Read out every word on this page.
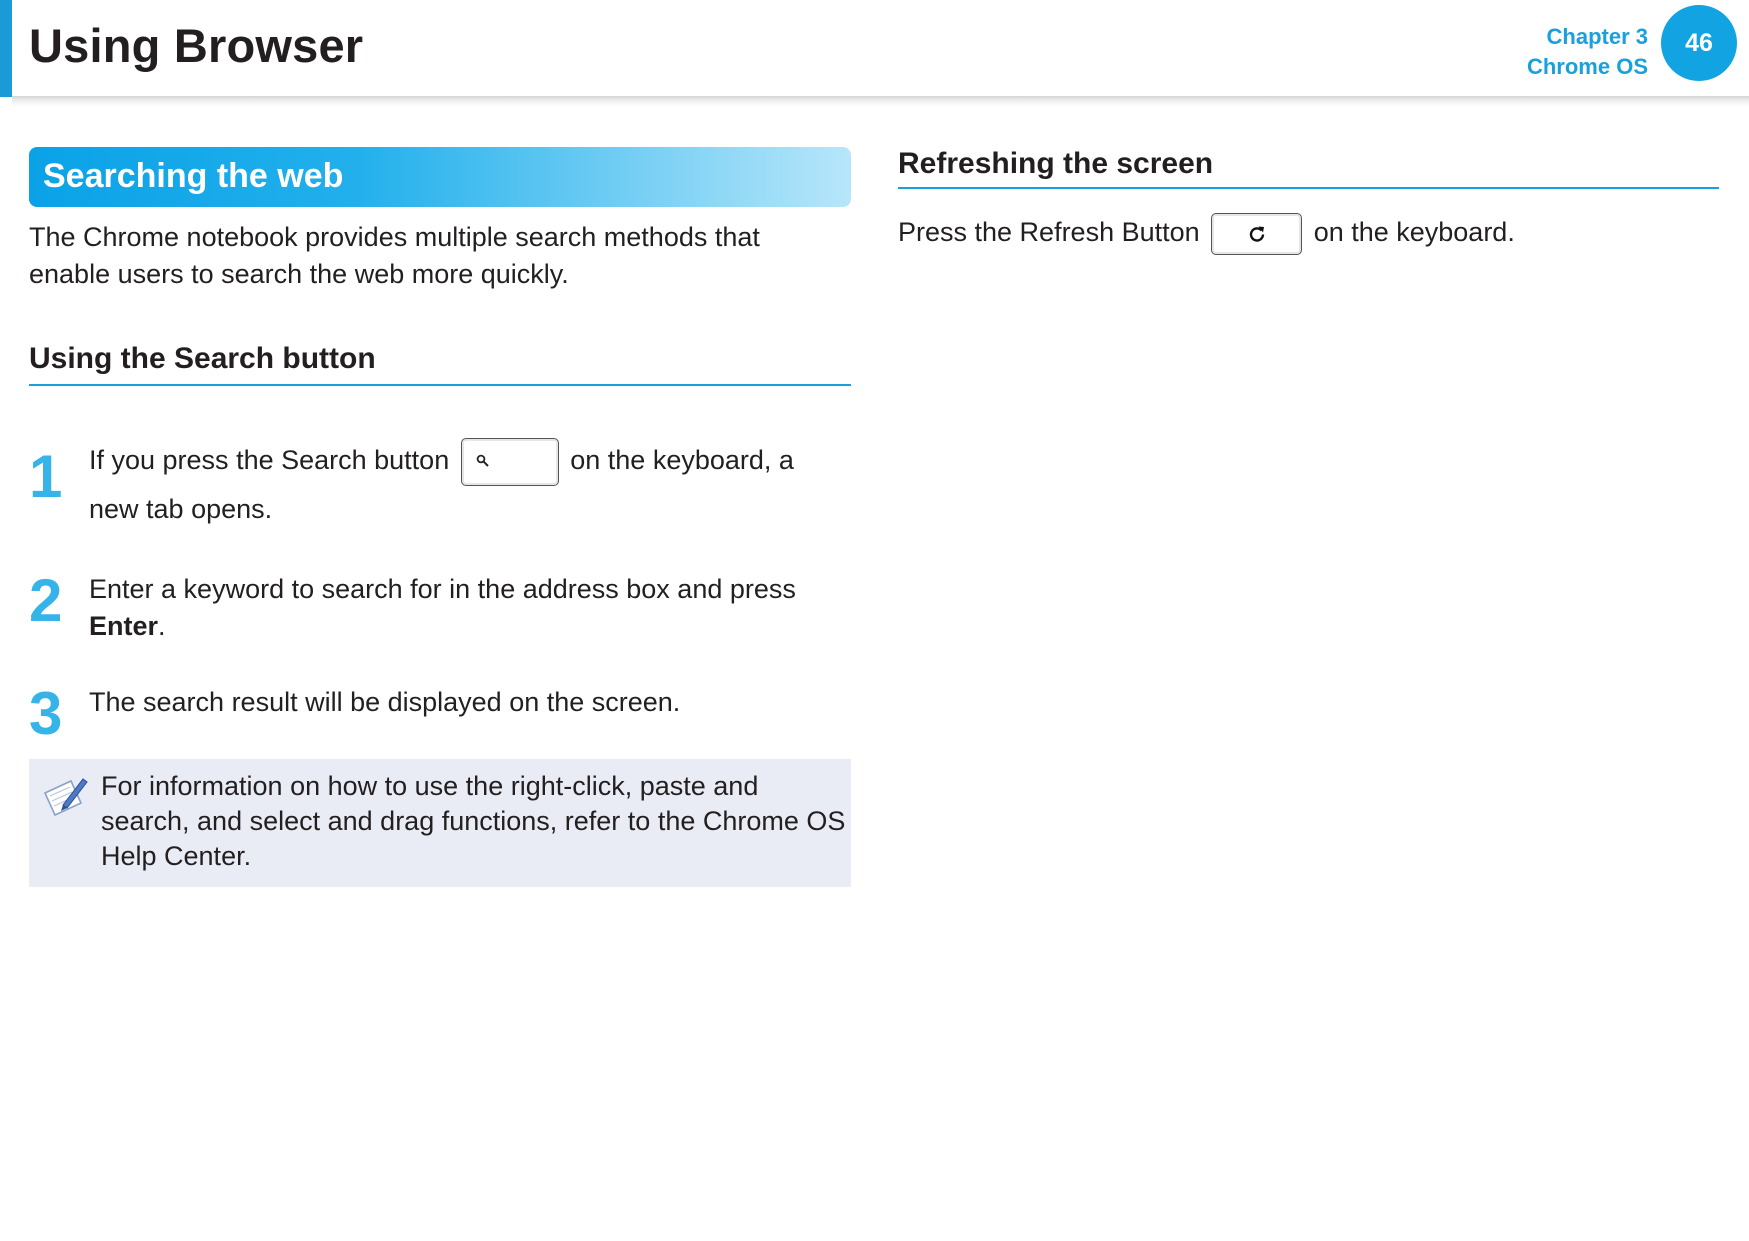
Using Browser	Chapter 3
Chrome OS
46
Searching the web
The Chrome notebook provides multiple search methods that enable users to search the web more quickly.
Using the Search button
1 If you press the Search button	on the keyboard, a new tab opens.
2 Enter a keyword to search for in the address box and press Enter.
3 The search result will be displayed on the screen.
For information on how to use the right-click, paste and search, and select and drag functions, refer to the Chrome OS Help Center.
Refreshing the screen
Press the Refresh Button	on the keyboard.
